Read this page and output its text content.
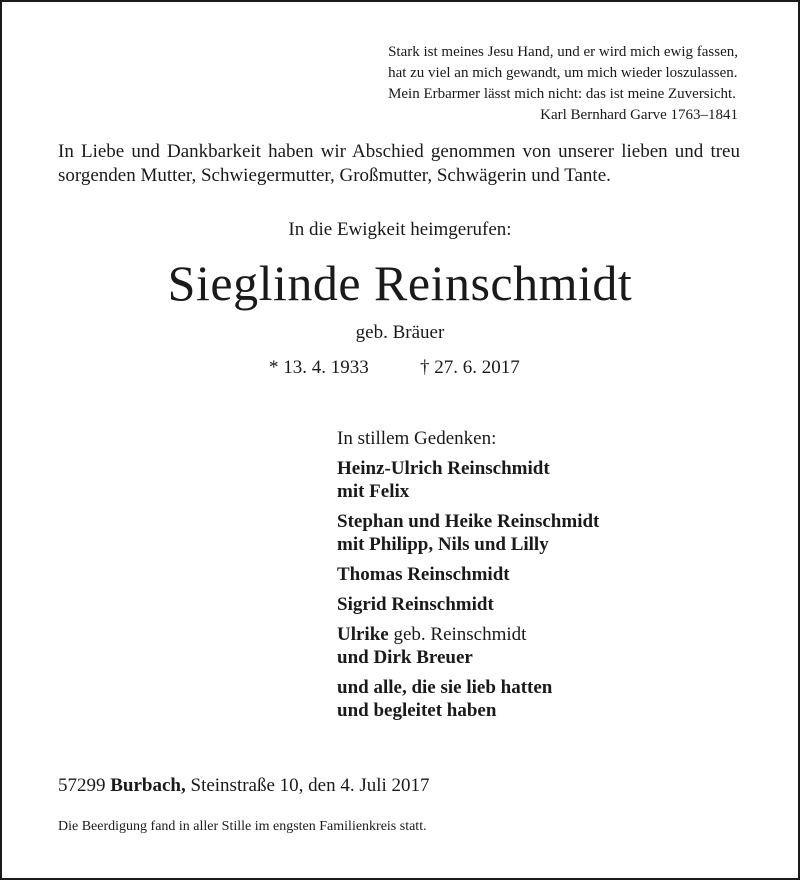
Stark ist meines Jesu Hand, und er wird mich ewig fassen,
hat zu viel an mich gewandt, um mich wieder loszulassen.
Mein Erbarmer lässt mich nicht: das ist meine Zuversicht.
Karl Bernhard Garve 1763–1841
In Liebe und Dankbarkeit haben wir Abschied genommen von unserer lieben und treu sorgenden Mutter, Schwiegermutter, Großmutter, Schwägerin und Tante.
In die Ewigkeit heimgerufen:
Sieglinde Reinschmidt
geb. Bräuer
* 13. 4. 1933	† 27. 6. 2017
In stillem Gedenken:
Heinz-Ulrich Reinschmidt
mit Felix
Stephan und Heike Reinschmidt
mit Philipp, Nils und Lilly
Thomas Reinschmidt
Sigrid Reinschmidt
Ulrike geb. Reinschmidt
und Dirk Breuer
und alle, die sie lieb hatten
und begleitet haben
57299 Burbach, Steinstraße 10, den 4. Juli 2017
Die Beerdigung fand in aller Stille im engsten Familienkreis statt.
